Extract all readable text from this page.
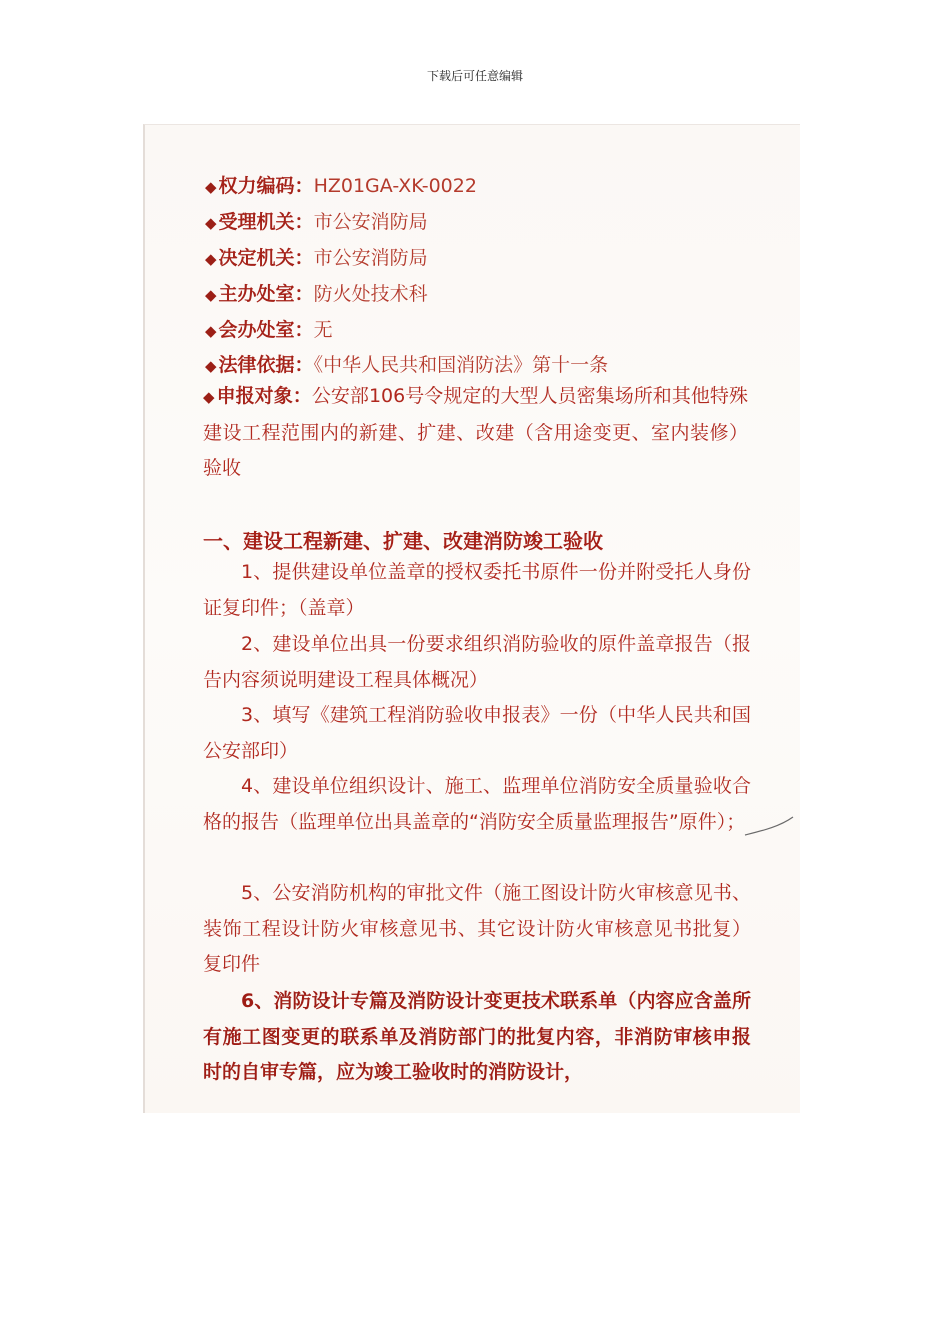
下载后可任意编辑
◆ 权力编码：HZ01GA-XK-0022
◆ 受理机关：市公安消防局
◆ 决定机关：市公安消防局
◆ 主办处室：防火处技术科
◆ 会办处室：无
◆ 法律依据：《中华人民共和国消防法》第十一条
◆ 申报对象：公安部106号令规定的大型人员密集场所和其他特殊建设工程范围内的新建、扩建、改建（含用途变更、室内装修）验收
一、建设工程新建、扩建、改建消防竣工验收
1、提供建设单位盖章的授权委托书原件一份并附受托人身份证复印件；（盖章）
2、建设单位出具一份要求组织消防验收的原件盖章报告（报告内容须说明建设工程具体概况）
3、填写《建筑工程消防验收申报表》一份（中华人民共和国公安部印）
4、建设单位组织设计、施工、监理单位消防安全质量验收合格的报告（监理单位出具盖章的“消防安全质量监理报告”原件）；
5、公安消防机构的审批文件（施工图设计防火审核意见书、装饰工程设计防火审核意见书、其它设计防火审核意见书批复）复印件
6、消防设计专篇及消防设计变更技术联系单（内容应含盖所有施工图变更的联系单及消防部门的批复内容，非消防审核申报时的自审专篇，应为竣工验收时的消防设计，
